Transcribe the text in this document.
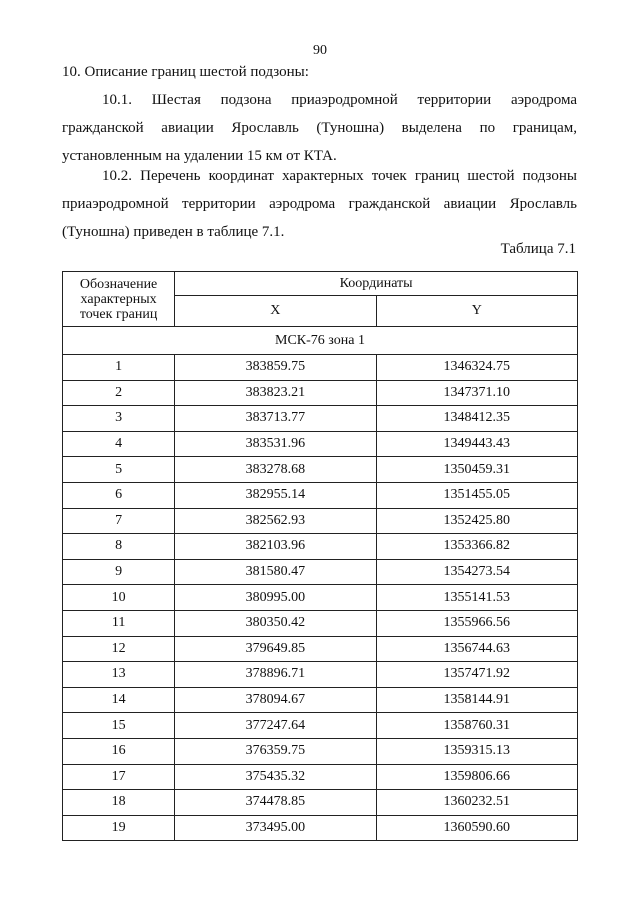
90
10. Описание границ шестой подзоны:
10.1. Шестая подзона приаэродромной территории аэродрома
гражданской авиации Ярославль (Туношна) выделена по границам,
установленным на удалении 15 км от КТА.
10.2. Перечень координат характерных точек границ шестой подзоны
приаэродромной территории аэродрома гражданской авиации Ярославль
(Туношна) приведен в таблице 7.1.
Таблица 7.1
Обозначение
характерных
точек границ	Координаты	
	X	Y
МСК-76 зона 1		
1	383859.75	1346324.75
2	383823.21	1347371.10
3	383713.77	1348412.35
4	383531.96	1349443.43
5	383278.68	1350459.31
6	382955.14	1351455.05
7	382562.93	1352425.80
8	382103.96	1353366.82
9	381580.47	1354273.54
10	380995.00	1355141.53
11	380350.42	1355966.56
12	379649.85	1356744.63
13	378896.71	1357471.92
14	378094.67	1358144.91
15	377247.64	1358760.31
16	376359.75	1359315.13
17	375435.32	1359806.66
18	374478.85	1360232.51
19	373495.00	1360590.60
